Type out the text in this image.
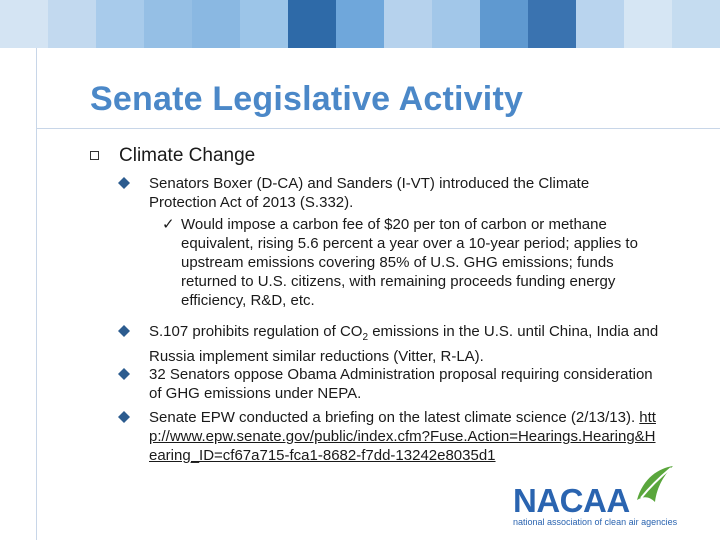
Senate Legislative Activity
Climate Change
Senators Boxer (D-CA) and Sanders (I-VT) introduced the Climate Protection Act of 2013 (S.332).
✓ Would impose a carbon fee of $20 per ton of carbon or methane equivalent, rising 5.6 percent a year over a 10-year period; applies to upstream emissions covering 85% of U.S. GHG emissions; funds returned to U.S. citizens, with remaining proceeds funding energy efficiency, R&D, etc.
S.107 prohibits regulation of $CO_2$ emissions in the U.S. until China, India and Russia implement similar reductions (Vitter, R-LA).
32 Senators oppose Obama Administration proposal requiring consideration of GHG emissions under NEPA.
Senate EPW conducted a briefing on the latest climate science (2/13/13). http://www.epw.senate.gov/public/index.cfm?Fuse.Action=Hearings.Hearing&Hearing_ID=cf67a715-fca1-8682-f7dd-13242e8035d1
NACAA
national association of clean air agencies
